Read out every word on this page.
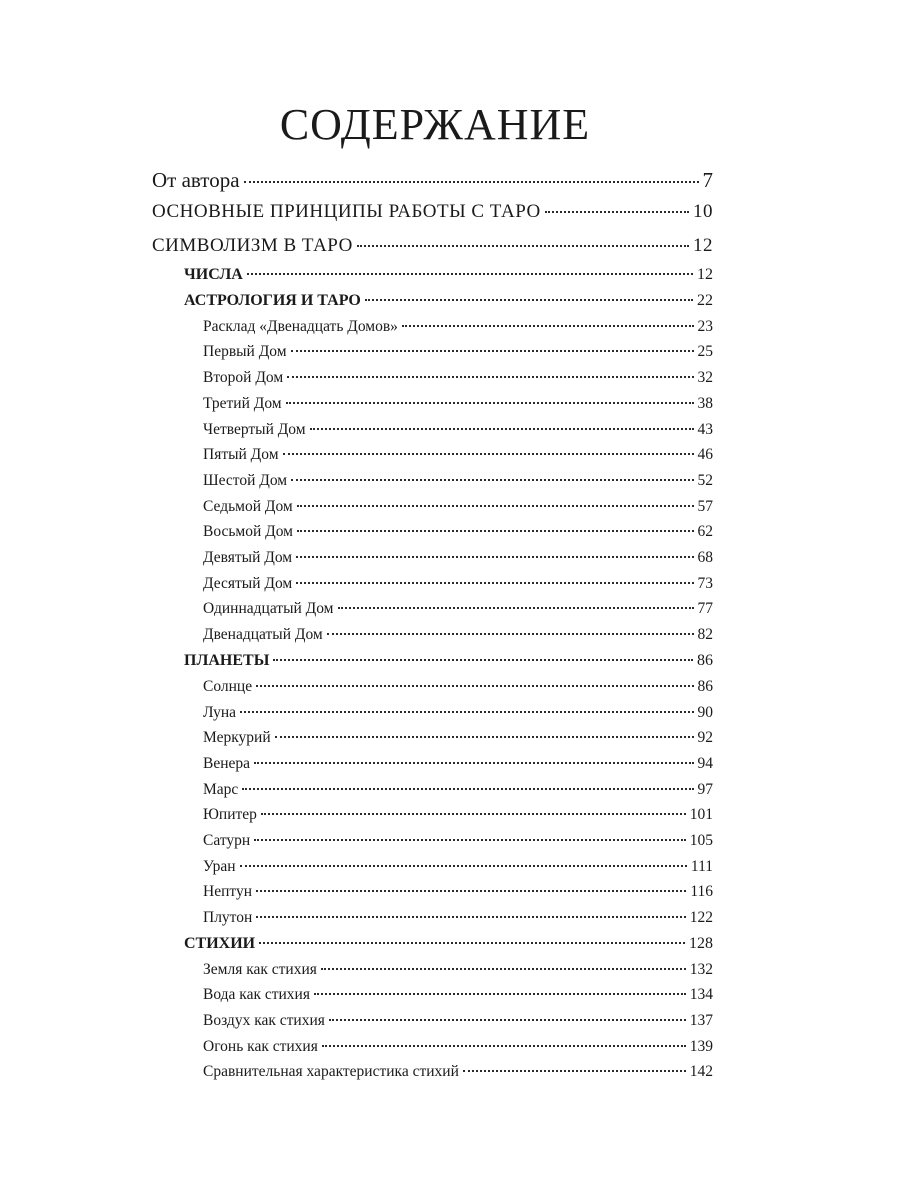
СОДЕРЖАНИЕ
От автора	7
ОСНОВНЫЕ ПРИНЦИПЫ РАБОТЫ С ТАРО	10
СИМВОЛИЗМ В ТАРО	12
ЧИСЛА	12
АСТРОЛОГИЯ И ТАРО	22
Расклад «Двенадцать Домов»	23
Первый Дом	25
Второй Дом	32
Третий Дом	38
Четвертый Дом	43
Пятый Дом	46
Шестой Дом	52
Седьмой Дом	57
Восьмой Дом	62
Девятый Дом	68
Десятый Дом	73
Одиннадцатый Дом	77
Двенадцатый Дом	82
ПЛАНЕТЫ	86
Солнце	86
Луна	90
Меркурий	92
Венера	94
Марс	97
Юпитер	101
Сатурн	105
Уран	111
Нептун	116
Плутон	122
СТИХИИ	128
Земля как стихия	132
Вода как стихия	134
Воздух как стихия	137
Огонь как стихия	139
Сравнительная характеристика стихий	142
